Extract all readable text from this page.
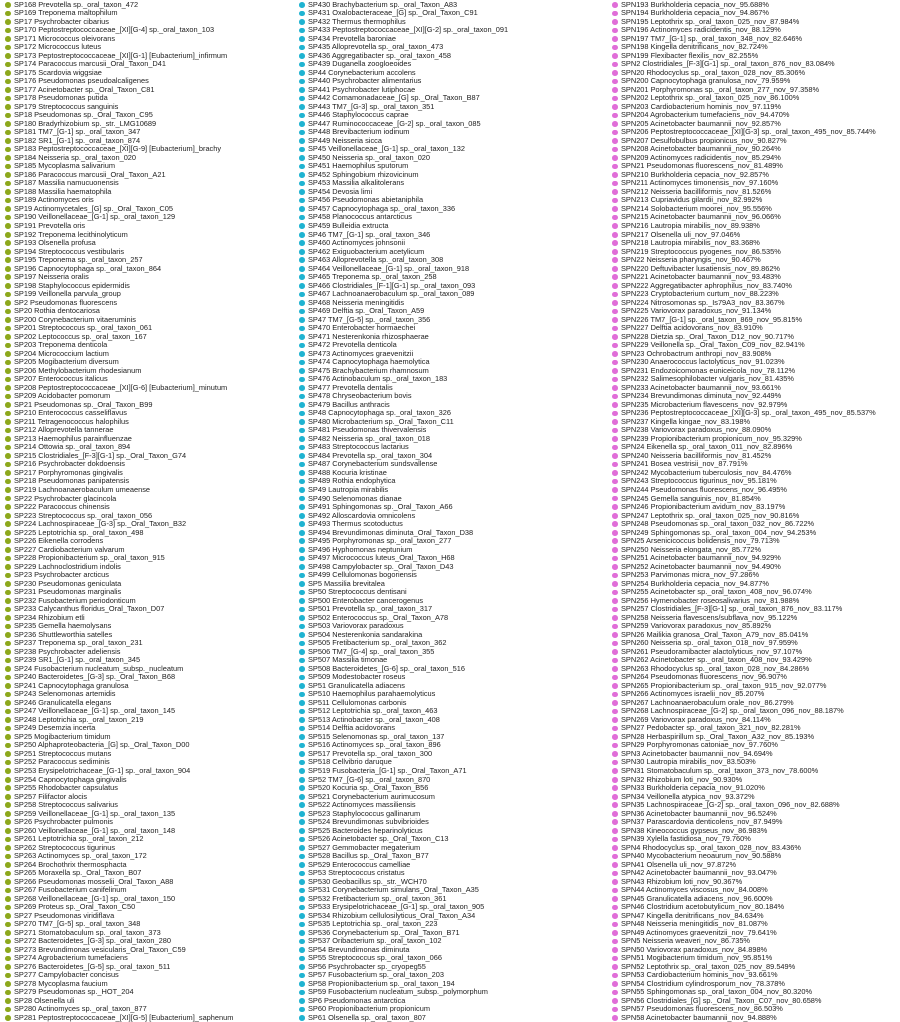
SP168 Prevotella sp._oral_taxon_472
SP169 Treponema maltophilum
SP17 Psychrobacter cibarius
SP170 Peptostreptococcaceae_[XI][G-4] sp._oral_taxon_103
SP171 Micrococcus oleivorans
SP172 Micrococcus luteus
SP173 Peptostreptococcaceae_[XI][G-1] [Eubacterium]_infirmum
SP174 Paracoccus marcusii_Oral_Taxon_D41
SP175 Scardovia wiggsiae
SP176 Pseudomonas pseudoalcaligenes
SP177 Acinetobacter sp._Oral_Taxon_C81
SP178 Pseudomonas putida
SP179 Streptococcus sanguinis
SP18 Pseudomonas sp._Oral_Taxon_C95
SP180 Bradyrhizobium sp._str._LMG10689
SP181 TM7_[G-1] sp._oral_taxon_347
SP182 SR1_[G-1] sp._oral_taxon_874
SP183 Peptostreptococcaceae_[XI][G-9] [Eubacterium]_brachy
SP184 Neisseria sp._oral_taxon_020
SP185 Mycoplasma salivarium
SP186 Paracoccus marcusii_Oral_Taxon_A21
SP187 Massilia namucuonensis
SP188 Massilia haematophila
SP189 Actinomyces oris
SP19 Actinomycetales_[G] sp._Oral_Taxon_C05
SP190 Veillonellaceae_[G-1] sp._oral_taxon_129
SP191 Prevotella oris
SP192 Treponema lecithinolyticum
SP193 Olsenella profusa
SP194 Streptococcus vestibularis
SP195 Treponema sp._oral_taxon_257
SP196 Capnocytophaga sp._oral_taxon_864
SP197 Neisseria oralis
SP198 Staphylococcus epidermidis
SP199 Veillonella parvula_group
SP2 Pseudomonas fluorescens
SP20 Rothia dentocariosa
SP200 Corynebacterium vitaeruminis
SP201 Streptococcus sp._oral_taxon_061
SP202 Leptococcus sp._oral_taxon_167
SP203 Treponema denticola
SP204 Micrococcium lactium
SP205 Mogibacterium diversum
SP206 Methylobacterium rhodesianum
SP207 Enterococcus italicus
SP208 Peptostreptococcaceae_[XI][G-6] [Eubacterium]_minutum
SP209 Acidobacter pomorum
SP21 Pseudomonas sp._Oral_Taxon_B99
SP210 Enterococcus casseliflavus
SP211 Tetragenococcus halophilus
SP212 Alloprevotella tannerae
SP213 Haemophilus parainfluenzae
SP214 Ottowia sp._oral_taxon_894
SP215 Clostridiales_[F-3][G-1] sp._Oral_Taxon_G74
SP216 Psychrobacter dokdoensis
SP217 Porphyromonas gingivalis
SP218 Pseudomonas panipatensis
SP219 Lachnoanaerobaculum umeaense
SP22 Psychrobacter glacincola
SP222 Paracoccus chinensis
SP223 Streptococcus sp._oral_taxon_056
SP224 Lachnospiraceae_[G-3] sp._Oral_Taxon_B32
SP225 Leptotrichia sp._oral_taxon_498
SP226 Eikenella corrodens
SP227 Cardiobacterium valvarum
SP228 Propionibacterium sp._oral_taxon_915
SP229 Lachnoclostridium indolis
SP23 Psychrobacter arcticus
SP230 Pseudomonas geniculata
SP231 Pseudomonas marginalis
SP232 Fusobacterium periodonticum
SP233 Calycanthus floridus_Oral_Taxon_D07
SP234 Rhizobium etli
SP235 Gemella haemolysans
SP236 Shuttleworthia satelles
SP237 Treponema sp._oral_taxon_231
SP238 Psychrobacter adeliensis
SP239 SR1_[G-1] sp._oral_taxon_345
SP24 Fusobacterium nucleatum_subsp._nucleatum
SP240 Bacteroidetes_[G-3] sp._Oral_Taxon_B68
SP241 Capnocytophaga granulosa
SP243 Selenomonas artemidis
SP246 Granulicatella elegans
SP247 Veillonellaceae_[G-1] sp._oral_taxon_145
SP248 Leptotrichia sp._oral_taxon_219
SP249 Desemzia incerta
SP25 Mogibacterium timidum
SP250 Alphaproteobacteria_[G] sp._Oral_Taxon_D00
SP251 Streptococcus mutans
SP252 Paracoccus sediminis
SP253 Erysipelotrichaceae_[G-1] sp._oral_taxon_904
SP254 Capnocytophaga gingivalis
SP255 Rhodobacter capsulatus
SP257 Filifactor alocis
SP258 Streptococcus salivarius
SP259 Veillonellaceae_[G-1] sp._oral_taxon_135
SP26 Psychrobacter pulmonis
SP260 Veillonellaceae_[G-1] sp._oral_taxon_148
SP261 Leptotrichia sp._oral_taxon_212
SP262 Streptococcus tigurinus
SP263 Actinomyces sp._oral_taxon_172
SP264 Brochothrix thermosphacta
SP265 Moraxella sp._Oral_Taxon_B07
SP266 Pseudomonas mosselii_Oral_Taxon_A88
SP267 Fusobacterium canifelinum
SP268 Veillonellaceae_[G-1] sp._oral_taxon_150
SP269 Proteus sp._Oral_Taxon_C50
SP27 Pseudomonas viridiflava
SP270 TM7_[G-5] sp._oral_taxon_348
SP271 Stomatobaculum sp._oral_taxon_373
SP272 Bacteroidetes_[G-3] sp._oral_taxon_280
SP273 Brevundimonas vesicularis_Oral_Taxon_C59
SP274 Agrobacterium tumefaciens
SP276 Bacteroidetes_[G-5] sp._oral_taxon_511
SP277 Campylobacter concisus
SP278 Mycoplasma faucium
SP279 Pseudomonas sp._HOT_204
SP28 Olsenella uli
SP280 Actinomyces sp._oral_taxon_877
SP281 Peptostreptococcaceae_[XI][G-5] [Eubacterium]_saphenum
SP430 Brachybacterium sp._oral_Taxon_A83
SP431 Oxalobacteraceae_[G] sp._Oral_Taxon_C91
SP432 Thermus thermophilus
SP433 Peptostreptococcaceae_[XI][G-2] sp._oral_taxon_091
SP434 Prevotella baroniae
SP435 Alloprevotella sp._oral_taxon_473
SP436 Aggregatibacter sp._oral_taxon_458
SP439 Duganella zoogloeoides
SP44 Corynebacterium accolens
SP440 Psychrobacter alimentarius
SP441 Psychrobacter lutiphocae
SP442 Comamonadaceae_[G] sp._Oral_Taxon_B87
SP443 TM7_[G-3] sp._oral_taxon_351
SP446 Staphylococcus caprae
SP447 Ruminococcaceae_[G-2] sp._oral_taxon_085
SP448 Brevibacterium iodinum
SP449 Neisseria sicca
SP45 Veillonellaceae_[G-1] sp._oral_taxon_132
SP450 Neisseria sp._oral_taxon_020
SP451 Haemophilus sputorum
SP452 Sphingobium rhizovicinum
SP453 Massilia alkalitolerans
SP454 Devosia limi
SP456 Pseudomonas abietaniphila
SP457 Capnocytophaga sp._oral_taxon_336
SP458 Planococcus antarcticus
SP459 Bulleidia extructa
SP46 TM7_[G-1] sp._oral_taxon_346
SP460 Actinomyces johnsonii
SP462 Exiguobacterium acetylicum
SP463 Alloprevotella sp._oral_taxon_308
SP464 Veillonellaceae_[G-1] sp._oral_taxon_918
SP465 Treponema sp._oral_taxon_258
SP466 Clostridiales_[F-1][G-1] sp._oral_taxon_093
SP467 Lachnoanaerobaculum sp._oral_taxon_089
SP468 Neisseria meningitidis
SP469 Delftia sp._Oral_Taxon_A59
SP47 TM7_[G-5] sp._oral_taxon_356
SP470 Enterobacter hormaechei
SP471 Nesterenkonia rhizosphaerae
SP472 Prevotella denticola
SP473 Actinomyces graevenitzii
SP474 Capnocytophaga haemolytica
SP475 Brachybacterium rhamnosum
SP476 Actinobaculum sp._oral_taxon_183
SP477 Prevotella dentalis
SP478 Chryseobacterium bovis
SP479 Bacillus anthracis
SP48 Capnocytophaga sp._oral_taxon_326
SP480 Microbacterium sp._Oral_Taxon_C11
SP481 Pseudomonas thivervalensis
SP482 Neisseria sp._oral_taxon_018
SP483 Streptococcus lactarius
SP484 Prevotella sp._oral_taxon_304
SP487 Corynebacterium sundsvallense
SP488 Kocuria kristinae
SP489 Rothia endophytica
SP49 Lautropia mirabilis
SP490 Selenomonas dianae
SP491 Sphingomonas sp._Oral_Taxon_A66
SP492 Alloscardovia omnicolens
SP493 Thermus scotoductus
SP494 Brevundimonas diminuta_Oral_Taxon_D38
SP495 Porphyromonas sp._oral_taxon_277
SP496 Hyphomonas neptunium
SP497 Micrococcus luteus_Oral_Taxon_H68
SP498 Campylobacter sp._Oral_Taxon_D43
SP499 Cellulomonas bogoriensis
SP5 Massilia brevitalea
SP50 Streptococcus dentisani
SP500 Enterobacter cancerogenus
SP501 Prevotella sp._oral_taxon_317
SP502 Enterococcus sp._Oral_Taxon_A78
SP503 Variovorax paradoxus
SP504 Nesterenkonia sandarakina
SP505 Fretibacterium sp._oral_taxon_362
SP506 TM7_[G-4] sp._oral_taxon_355
SP507 Massilia timonae
SP508 Bacteroidetes_[G-6] sp._oral_taxon_516
SP509 Modestobacter roseus
SP51 Granulicatella adiacens
SP510 Haemophilus parahaemolyticus
SP511 Cellulomonas carbonis
SP512 Leptotrichia sp._oral_taxon_463
SP513 Actinobacter sp._oral_taxon_408
SP514 Delftia acidovorans
SP515 Selenomonas sp._oral_taxon_137
SP516 Actinomyces sp._oral_taxon_896
SP517 Prevotella sp._oral_taxon_300
SP518 Cellvibrio daruque
SP519 Fusobacteria_[G-1] sp._Oral_Taxon_A71
SP52 TM7_[G-6] sp._oral_taxon_870
SP520 Kocuria sp._Oral_Taxon_B56
SP521 Corynebacterium aurimucosum
SP522 Actinomyces massiliensis
SP523 Staphylococcus gallinarum
SP524 Brevundimonas subvibrioides
SP525 Bacteroides heparinolyticus
SP526 Acinetobacter sp._Oral_Taxon_C13
SP527 Gemmobacter megaterium
SP528 Bacillus sp._Oral_Taxon_B77
SP529 Enterococcus camelliae
SP53 Streptococcus cristatus
SP530 Geobacillus sp._str._WCH70
SP531 Corynebacterium simulans_Oral_Taxon_A35
SP532 Fretibacterium sp._oral_taxon_361
SP533 Erysipelotrichaceae_[G-1] sp._oral_taxon_905
SP534 Rhizobium cellulosilyticus_Oral_Taxon_A34
SP535 Leptotrichia sp._oral_taxon_223
SP536 Corynebacterium sp._Oral_Taxon_B71
SP537 Oribacterium sp._oral_taxon_102
SP54 Brevundimonas diminuta
SP55 Streptococcus sp._oral_taxon_066
SP56 Psychrobacter sp._cryopeg55
SP57 Fusobacterium sp._oral_taxon_203
SP58 Propionibacterium sp._oral_taxon_194
SP59 Fusobacterium nucleatum_subsp._polymorphum
SP6 Pseudomonas antarctica
SP60 Propionibacterium propionicum
SP61 Olsenella sp._oral_taxon_807
SPN193 Burkholderia cepacia_nov_95.688%
SPN194 Burkholderia cepacia_nov_94.867%
SPN195 Leptothrix sp._oral_taxon_025_nov_87.984%
SPN196 Actinomyces radicidentis_nov_88.129%
SPN197 TM7_[G-1] sp._oral_taxon_348_nov_82.646%
SPN198 Kingella denitrificans_nov_82.724%
SPN199 Flexibacter flexilis_nov_82.255%
SPN2 Clostridiales_[F-3][G-1] sp._oral_taxon_876_nov_83.084%
SPN20 Rhodocyclus sp._oral_taxon_028_nov_85.306%
SPN200 Capnocytophaga granulosa_nov_79.959%
SPN201 Porphyromonas sp._oral_taxon_277_nov_97.358%
SPN202 Leptothrix sp._oral_taxon_025_nov_86.100%
SPN203 Cardiobacterium hominis_nov_97.119%
SPN204 Agrobacterium tumefaciens_nov_94.470%
SPN205 Acinetobacter baumannii_nov_92.857%
SPN206 Peptostreptococcaceae_[XI][G-3] sp._oral_taxon_495_nov_85.744%
SPN207 Desulfobulbus propionicus_nov_90.827%
SPN208 Acinetobacter baumannii_nov_90.264%
SPN209 Actinomyces radicidentis_nov_85.294%
SPN21 Pseudomonas fluorescens_nov_81.489%
SPN210 Burkholderia cepacia_nov_92.857%
SPN211 Actinomyces timonensis_nov_97.160%
SPN212 Neisseria bacilliformis_nov_81.526%
SPN213 Cupriavidus gilardii_nov_82.992%
SPN214 Solobacterium moorei_nov_95.556%
SPN215 Acinetobacter baumannii_nov_96.066%
SPN216 Lautropia mirabilis_nov_89.938%
SPN217 Olsenella uli_nov_97.046%
SPN218 Lautropia mirabilis_nov_83.368%
SPN219 Streptococcus pyogenes_nov_86.535%
SPN22 Neisseria pharyngis_nov_90.467%
SPN220 Deftuvibacter lusatiensis_nov_89.862%
SPN221 Acinetobacter baumannii_nov_93.483%
SPN222 Aggregatibacter aphrophilus_nov_83.740%
SPN223 Cryptobacterium curtum_nov_88.223%
SPN224 Nitrosomonas sp._Is79A3_nov_83.367%
SPN225 Variovorax paradoxus_nov_91.134%
SPN226 TM7_[G-1] sp._oral_taxon_869_nov_95.815%
SPN227 Delftia acidovorans_nov_83.910%
SPN228 Dietzia sp._Oral_Taxon_D12_nov_90.717%
SPN229 Veillonella sp._Oral_Taxon_C09_nov_82.941%
SPN23 Ochrobactrum anthropi_nov_83.908%
SPN230 Anaerococcus lactolyticus_nov_91.023%
SPN231 Endozoicomonas euniceicola_nov_78.112%
SPN232 Salimesophilobacter vulgaris_nov_81.435%
SPN233 Acinetobacter baumannii_nov_93.661%
SPN234 Brevundimonas diminuta_nov_92.449%
SPN235 Microbacterium flavescens_nov_92.979%
SPN236 Peptostreptococcaceae_[XI][G-3] sp._oral_taxon_495_nov_85.537%
SPN237 Kingella kingae_nov_83.198%
SPN238 Variovorax paradoxus_nov_88.090%
SPN239 Propionibacterium propionicum_nov_95.329%
SPN24 Eikenella sp._oral_taxon_011_nov_82.896%
SPN240 Neisseria bacilliformis_nov_81.452%
SPN241 Bosea vestrisii_nov_87.791%
SPN242 Mycobacterium tuberculosis_nov_84.476%
SPN243 Streptococcus tigurinus_nov_95.181%
SPN244 Pseudomonas fluorescens_nov_96.495%
SPN245 Gemella sanguinis_nov_81.854%
SPN246 Propionibacterium avidum_nov_83.197%
SPN247 Leptothrix sp._oral_taxon_025_nov_90.816%
SPN248 Pseudomonas sp._oral_taxon_032_nov_86.722%
SPN249 Sphingomonas sp._oral_taxon_004_nov_94.253%
SPN25 Arsenicicoccus bolidensis_nov_79.713%
SPN250 Neisseria elongata_nov_85.772%
SPN251 Acinetobacter baumannii_nov_94.929%
SPN252 Acinetobacter baumannii_nov_94.490%
SPN253 Parvimonas micra_nov_97.286%
SPN254 Burkholderia cepacia_nov_94.877%
SPN255 Acinetobacter sp._oral_taxon_408_nov_96.074%
SPN256 Hymenobacter roseosalivarius_nov_81.988%
SPN257 Clostridiales_[F-3][G-1] sp._oral_taxon_876_nov_83.117%
SPN258 Neisseria flavescens/subflava_nov_95.122%
SPN259 Variovorax paradoxus_nov_85.892%
SPN26 Mailikia granosa_Oral_Taxon_A79_nov_85.041%
SPN260 Neisseria sp._oral_taxon_018_nov_97.959%
SPN261 Pseudoramibacter alactolyticus_nov_97.107%
SPN262 Acinetobacter sp._oral_taxon_408_nov_93.429%
SPN263 Rhodocyclus sp._oral_taxon_028_nov_84.286%
SPN264 Pseudomonas fluorescens_nov_96.907%
SPN265 Propionibacterium sp._oral_taxon_915_nov_92.077%
SPN266 Actinomyces israelii_nov_85.207%
SPN267 Lachnoanaerobaculum orale_nov_86.279%
SPN268 Lachnospiraceae_[G-2] sp._oral_taxon_096_nov_88.187%
SPN269 Variovorax paradoxus_nov_84.114%
SPN27 Pedobacter sp._oral_taxon_321_nov_82.281%
SPN28 Herbaspirillum sp._Oral_Taxon_A32_nov_85.193%
SPN29 Porphyromonas catoniae_nov_97.760%
SPN3 Acinetobacter baumannii_nov_94.694%
SPN30 Lautropia mirabilis_nov_83.503%
SPN31 Stomatobaculum sp._oral_taxon_373_nov_78.600%
SPN32 Rhizobium loti_nov_90.930%
SPN33 Burkholderia cepacia_nov_91.020%
SPN34 Veillonella atypica_nov_93.372%
SPN35 Lachnospiraceae_[G-2] sp._oral_taxon_096_nov_82.688%
SPN36 Acinetobacter baumannii_nov_96.524%
SPN37 Parascardovia denticolens_nov_87.949%
SPN38 Kineococcus gypseus_nov_86.983%
SPN39 Xylella fastidiosa_nov_79.760%
SPN4 Rhodocyclus sp._oral_taxon_028_nov_83.436%
SPN40 Mycobacterium neoaurum_nov_90.588%
SPN41 Olsenella uli_nov_97.872%
SPN42 Acinetobacter baumannii_nov_93.047%
SPN43 Rhizobium loti_nov_90.367%
SPN44 Actinomyces viscosus_nov_84.008%
SPN45 Granulicatella adiacens_nov_96.600%
SPN46 Clostridium acetobutylicum_nov_80.184%
SPN47 Kingella denitrificans_nov_84.634%
SPN48 Neisseria meningitidis_nov_81.087%
SPN49 Actinomyces graevenitzii_nov_79.641%
SPN5 Neisseria weaveri_nov_86.735%
SPN50 Variovorax paradoxus_nov_84.898%
SPN51 Mogibacterium timidum_nov_95.851%
SPN52 Leptothrix sp._oral_taxon_025_nov_89.549%
SPN53 Cardiobacterium hominis_nov_93.661%
SPN54 Clostridium cylindrosporum_nov_78.378%
SPN55 Sphingomonas sp._oral_taxon_004_nov_80.320%
SPN56 Clostridiales_[G] sp._Oral_Taxon_C07_nov_80.658%
SPN57 Pseudomonas fluorescens_nov_86.503%
SPN58 Acinetobacter baumannii_nov_94.888%
